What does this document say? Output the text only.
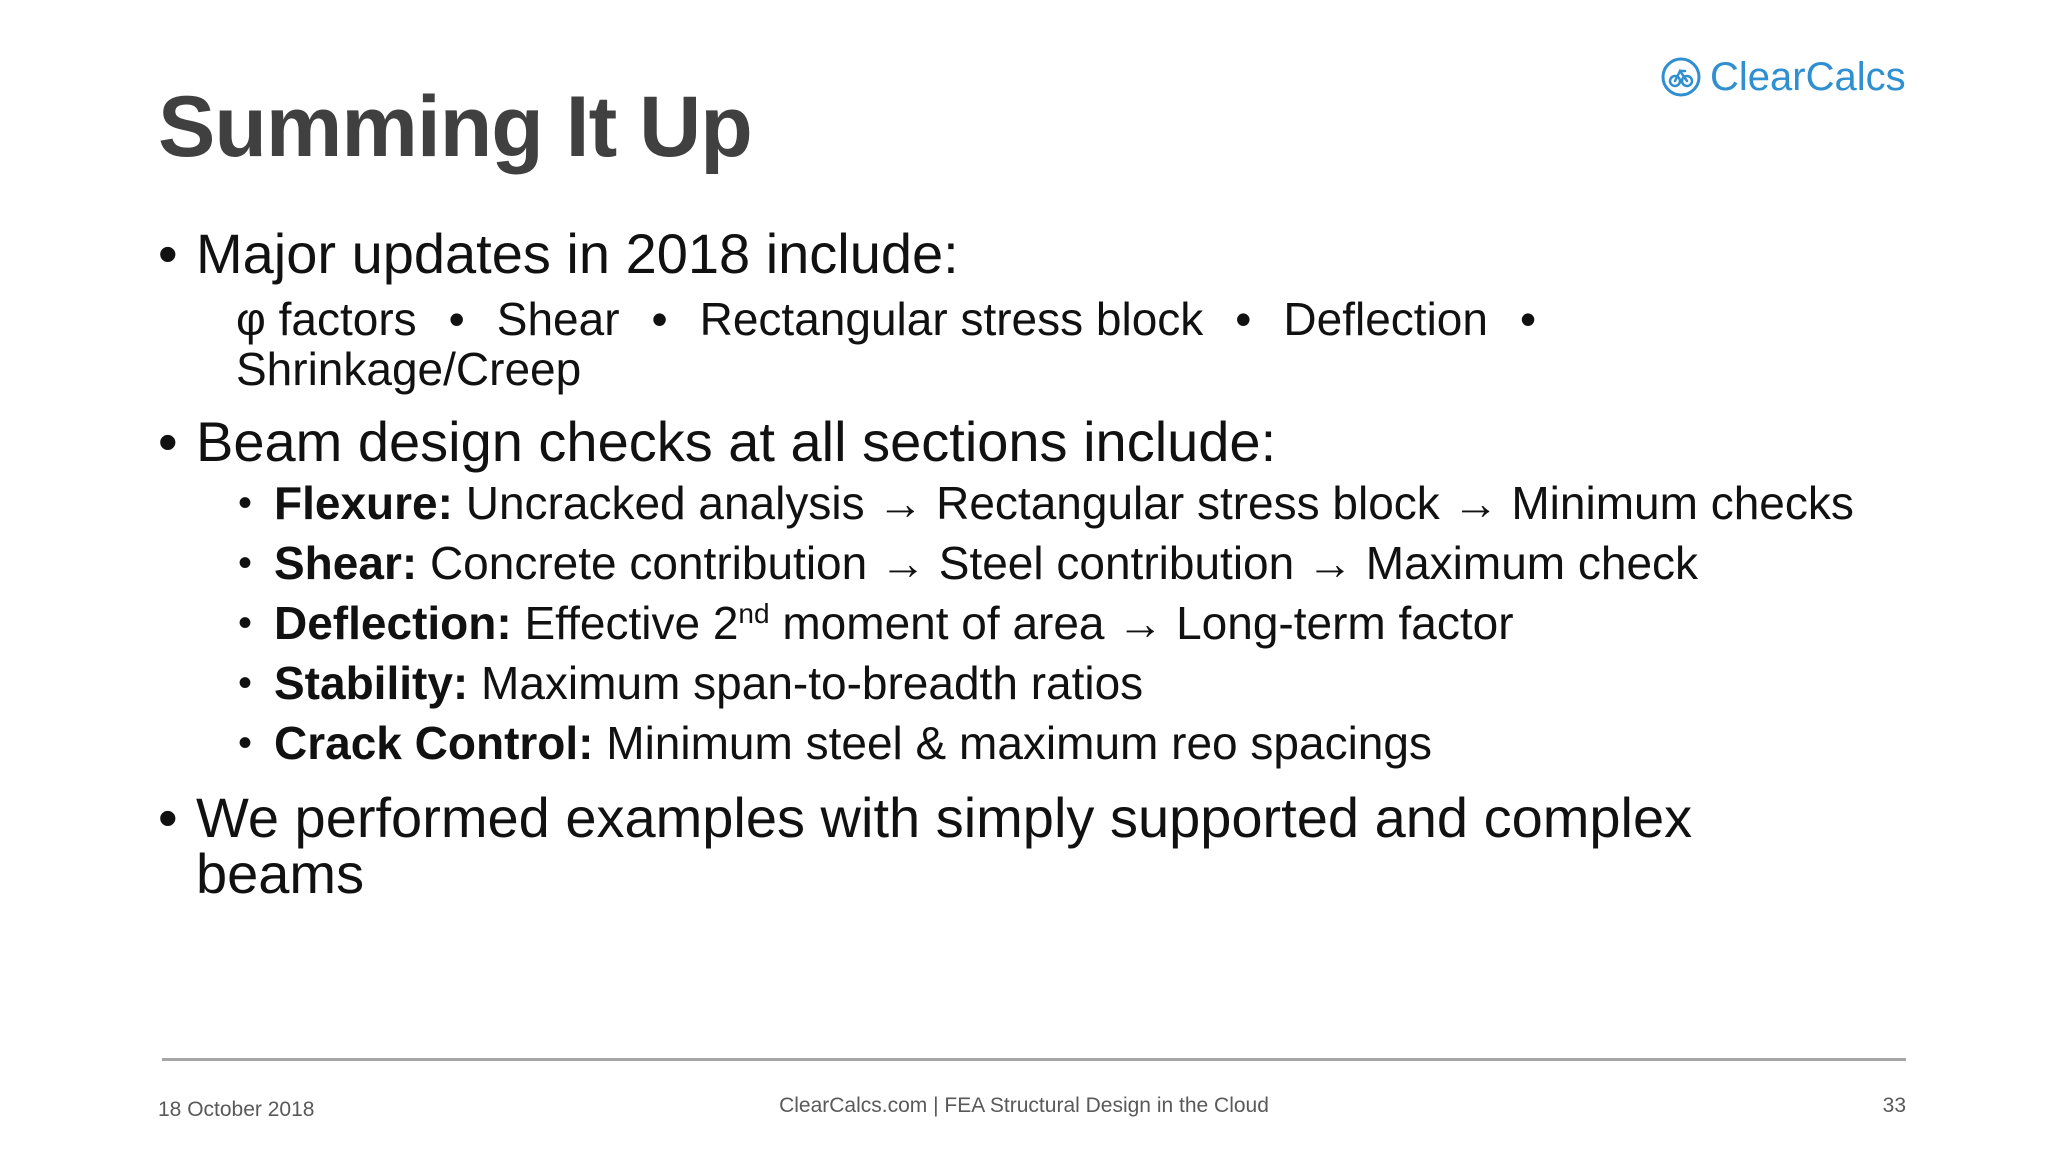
ClearCalcs
Summing It Up

• Major updates in 2018 include:

φ factors • Shear • Rectangular stress block • Deflection • Shrinkage/Creep

• Beam design checks at all sections include:

• Flexure: Uncracked analysis → Rectangular stress block → Minimum checks

• Shear: Concrete contribution → Steel contribution → Maximum check

• Deflection: Effective 2nd moment of area → Long-term factor

• Stability: Maximum span-to-breadth ratios

• Crack Control: Minimum steel & maximum reo spacings

• We performed examples with simply supported and complex beams

18 October 2018	ClearCalcs.com | FEA Structural Design in the Cloud	33
